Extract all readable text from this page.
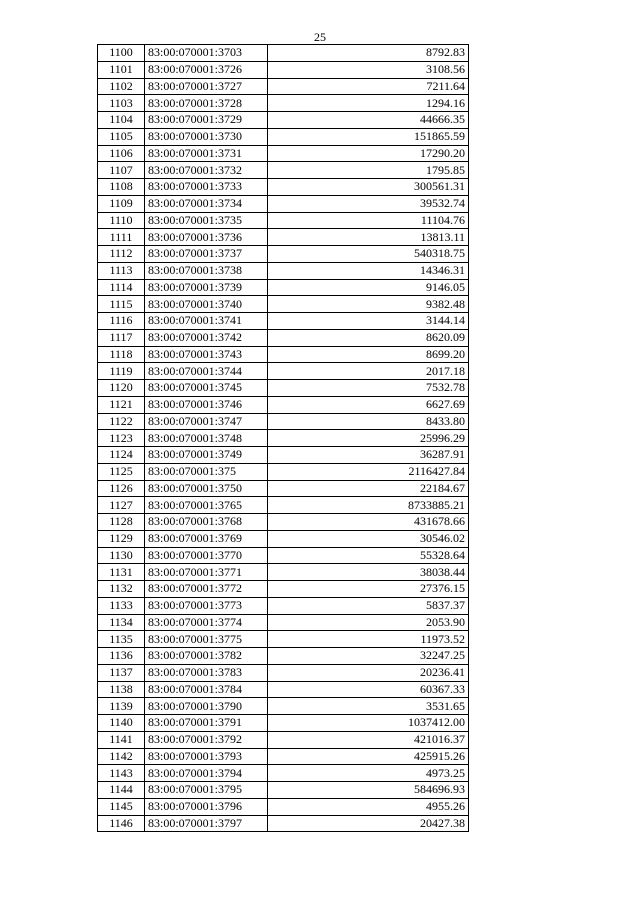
25
1100	83:00:070001:3703	8792.83
1101	83:00:070001:3726	3108.56
1102	83:00:070001:3727	7211.64
1103	83:00:070001:3728	1294.16
1104	83:00:070001:3729	44666.35
1105	83:00:070001:3730	151865.59
1106	83:00:070001:3731	17290.20
1107	83:00:070001:3732	1795.85
1108	83:00:070001:3733	300561.31
1109	83:00:070001:3734	39532.74
1110	83:00:070001:3735	11104.76
1111	83:00:070001:3736	13813.11
1112	83:00:070001:3737	540318.75
1113	83:00:070001:3738	14346.31
1114	83:00:070001:3739	9146.05
1115	83:00:070001:3740	9382.48
1116	83:00:070001:3741	3144.14
1117	83:00:070001:3742	8620.09
1118	83:00:070001:3743	8699.20
1119	83:00:070001:3744	2017.18
1120	83:00:070001:3745	7532.78
1121	83:00:070001:3746	6627.69
1122	83:00:070001:3747	8433.80
1123	83:00:070001:3748	25996.29
1124	83:00:070001:3749	36287.91
1125	83:00:070001:375	2116427.84
1126	83:00:070001:3750	22184.67
1127	83:00:070001:3765	8733885.21
1128	83:00:070001:3768	431678.66
1129	83:00:070001:3769	30546.02
1130	83:00:070001:3770	55328.64
1131	83:00:070001:3771	38038.44
1132	83:00:070001:3772	27376.15
1133	83:00:070001:3773	5837.37
1134	83:00:070001:3774	2053.90
1135	83:00:070001:3775	11973.52
1136	83:00:070001:3782	32247.25
1137	83:00:070001:3783	20236.41
1138	83:00:070001:3784	60367.33
1139	83:00:070001:3790	3531.65
1140	83:00:070001:3791	1037412.00
1141	83:00:070001:3792	421016.37
1142	83:00:070001:3793	425915.26
1143	83:00:070001:3794	4973.25
1144	83:00:070001:3795	584696.93
1145	83:00:070001:3796	4955.26
1146	83:00:070001:3797	20427.38
